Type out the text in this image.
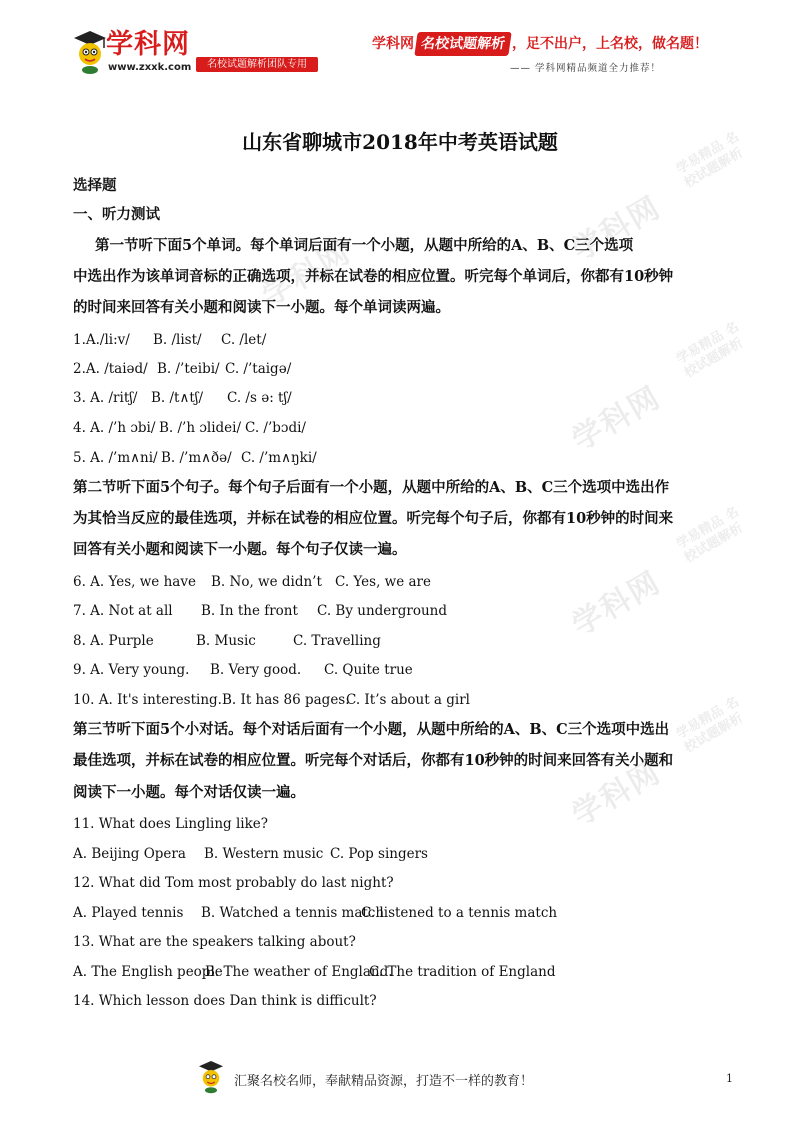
学科网
学易精品 名校试题解析
学科网
学易精品 名校试题解析
学科网
学易精品 名校试题解析
学科网
学易精品 名校试题解析
学科网
学科网
www.zxxk.com	名校试题解析团队专用
学科网 名校试题解析 ，足不出户，上名校，做名题！
—— 学科网精品频道全力推荐！
山东省聊城市2018年中考英语试题
选择题
一、听力测试
第一节听下面5个单词。每个单词后面有一个小题，从题中所给的A、B、C三个选项
中选出作为该单词音标的正确选项，并标在试卷的相应位置。听完每个单词后，你都有10秒钟
的时间来回答有关小题和阅读下一小题。每个单词读两遍。
1.A./li:v/ B. /list/ C. /let/
2.A. /taiəd/ B. /’teibi/ C. /’taigə/
3. A. /ritʃ/ B. /t∧tʃ/ C. /s ə: tʃ/
4. A. /’h ɔbi/ B. /’h ɔlidei/ C. /’bɔdi/
5. A. /’m∧ni/ B. /’m∧ðə/ C. /’m∧ŋki/
第二节听下面5个句子。每个句子后面有一个小题，从题中所给的A、B、C三个选项中选出作
为其恰当反应的最佳选项，并标在试卷的相应位置。听完每个句子后，你都有10秒钟的时间来
回答有关小题和阅读下一小题。每个句子仅读一遍。
6. A. Yes, we have B. No, we didn’t C. Yes, we are
7. A. Not at all B. In the front C. By underground
8. A. Purple	B. Music	C. Travelling
9. A. Very young. B. Very good. C. Quite true
10. A. It's interesting.B. It has 86 pages.C. It’s about a girl
第三节听下面5个小对话。每个对话后面有一个小题，从题中所给的A、B、C三个选项中选出
最佳选项，并标在试卷的相应位置。听完每个对话后，你都有10秒钟的时间来回答有关小题和
阅读下一小题。每个对话仅读一遍。
11. What does Lingling like?
A. Beijing Opera B. Western music C. Pop singers
12. What did Tom most probably do last night?
A. Played tennis B. Watched a tennis matchC. listened to a tennis match
13. What are the speakers talking about?
A. The English peopleB. The weather of England.C. The tradition of England
14. Which lesson does Dan think is difficult?
汇聚名校名师，奉献精品资源，打造不一样的教育！	1
